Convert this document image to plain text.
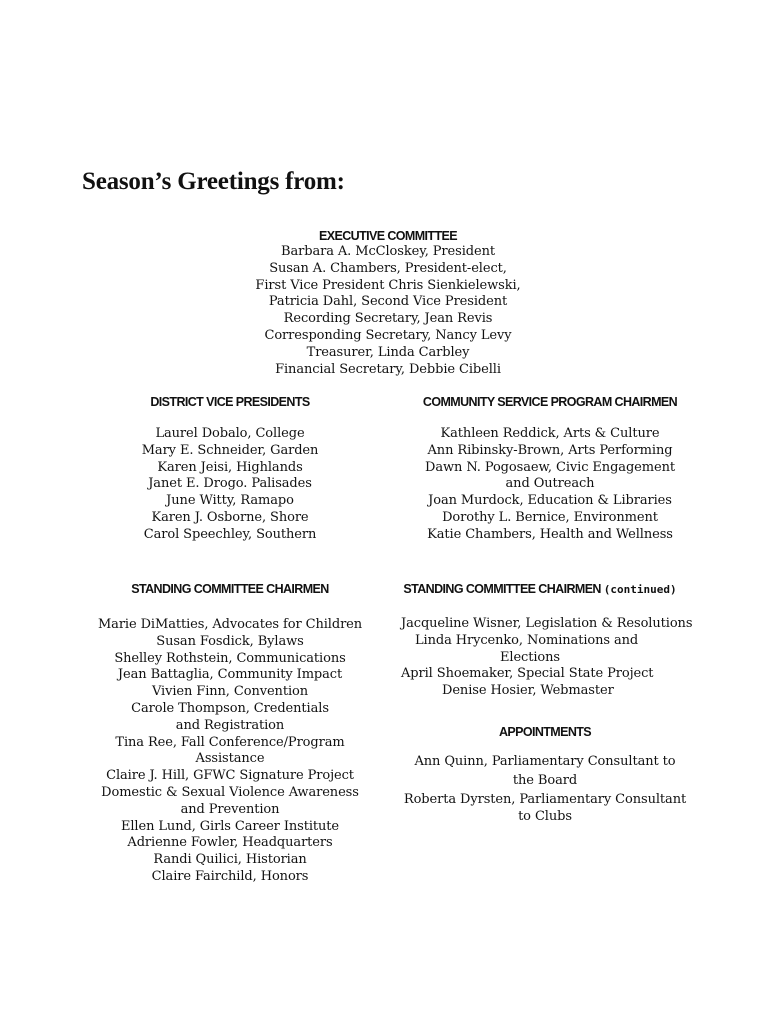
Season’s Greetings from:
EXECUTIVE COMMITTEE
Barbara A. McCloskey, President
Susan A. Chambers, President-elect,
First Vice President Chris Sienkielewski,
Patricia Dahl, Second Vice President
Recording Secretary, Jean Revis
Corresponding Secretary, Nancy Levy
Treasurer, Linda Carbley
Financial Secretary, Debbie Cibelli
DISTRICT VICE PRESIDENTS
Laurel Dobalo, College
Mary E. Schneider, Garden
Karen Jeisi, Highlands
Janet E. Drogo. Palisades
June Witty, Ramapo
Karen J. Osborne, Shore
Carol Speechley, Southern
COMMUNITY SERVICE PROGRAM CHAIRMEN
Kathleen Reddick, Arts & Culture
Ann Ribinsky-Brown, Arts Performing
Dawn N. Pogosaew, Civic Engagement
and Outreach
Joan Murdock, Education & Libraries
Dorothy L. Bernice, Environment
Katie Chambers, Health and Wellness
STANDING COMMITTEE CHAIRMEN
Marie DiMatties, Advocates for Children
Susan Fosdick, Bylaws
Shelley Rothstein, Communications
Jean Battaglia, Community Impact
Vivien Finn, Convention
Carole Thompson, Credentials
and Registration
Tina Ree, Fall Conference/Program
Assistance
Claire J. Hill, GFWC Signature Project
Domestic & Sexual Violence Awareness
and Prevention
Ellen Lund, Girls Career Institute
Adrienne Fowler, Headquarters
Randi Quilici, Historian
Claire Fairchild, Honors
STANDING COMMITTEE CHAIRMEN (continued)
Jacqueline Wisner, Legislation & Resolutions
Linda Hrycenko, Nominations and
Elections
April Shoemaker, Special State Project
Denise Hosier, Webmaster
APPOINTMENTS
Ann Quinn, Parliamentary Consultant to
the Board
Roberta Dyrsten, Parliamentary Consultant
to Clubs
